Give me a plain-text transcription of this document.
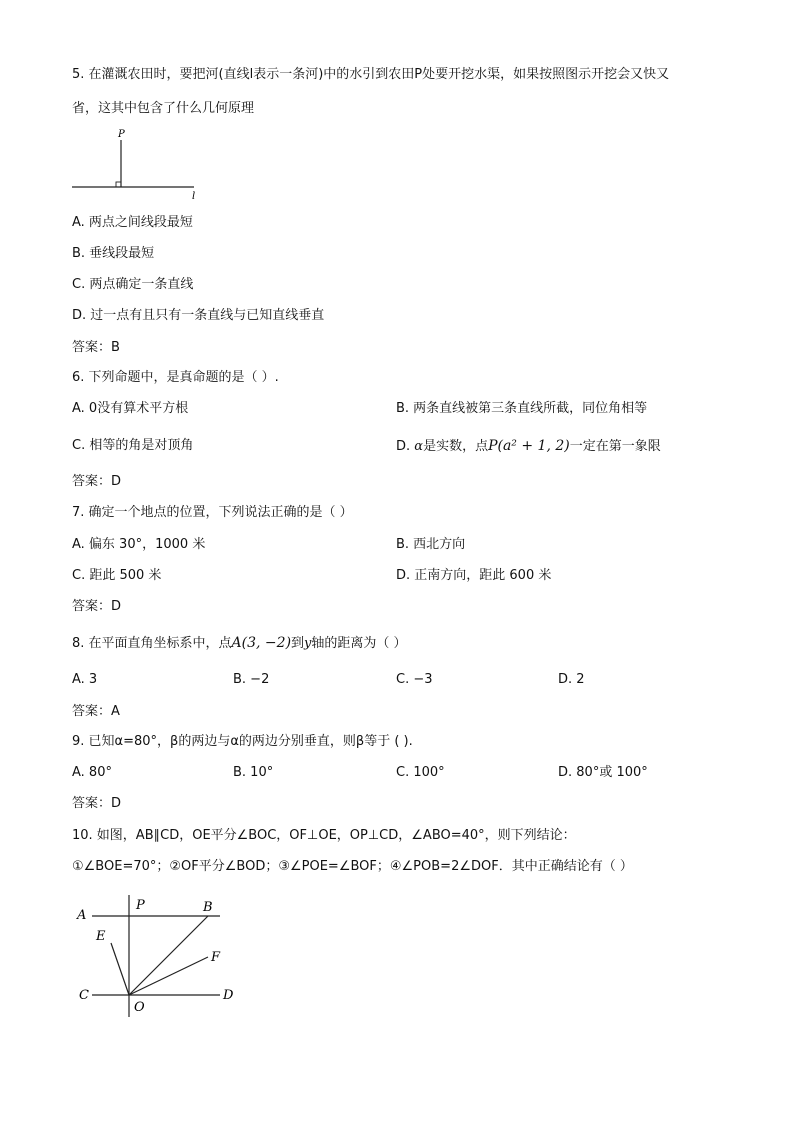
5. 在灌溉农田时，要把河(直线l表示一条河)中的水引到农田P处要开挖水渠，如果按照图示开挖会又快又
省，这其中包含了什么几何原理
P
l
A. 两点之间线段最短
B. 垂线段最短
C. 两点确定一条直线
D. 过一点有且只有一条直线与已知直线垂直
答案：B
6. 下列命题中，是真命题的是（ ）.
A. 0没有算术平方根	B. 两条直线被第三条直线所截，同位角相等
C. 相等的角是对顶角	D. α是实数，点P(a² + 1, 2)一定在第一象限
答案：D
7. 确定一个地点的位置，下列说法正确的是（ ）
A. 偏东 30°，1000 米	B. 西北方向
C. 距此 500 米	D. 正南方向，距此 600 米
答案：D
8. 在平面直角坐标系中，点A(3, −2)到y轴的距离为（ ）
A. 3	B. −2	C. −3	D. 2
答案：A
9. 已知α=80°，β的两边与α的两边分别垂直，则β等于 ( ).
A. 80°	B. 10°	C. 100°	D. 80°或 100°
答案：D
10. 如图，AB∥CD，OE平分∠BOC，OF⊥OE，OP⊥CD，∠ABO=40°，则下列结论：
①∠BOE=70°；②OF平分∠BOD；③∠POE=∠BOF；④∠POB=2∠DOF．其中正确结论有（ ）
A
P	B
E
F
C
O
D
